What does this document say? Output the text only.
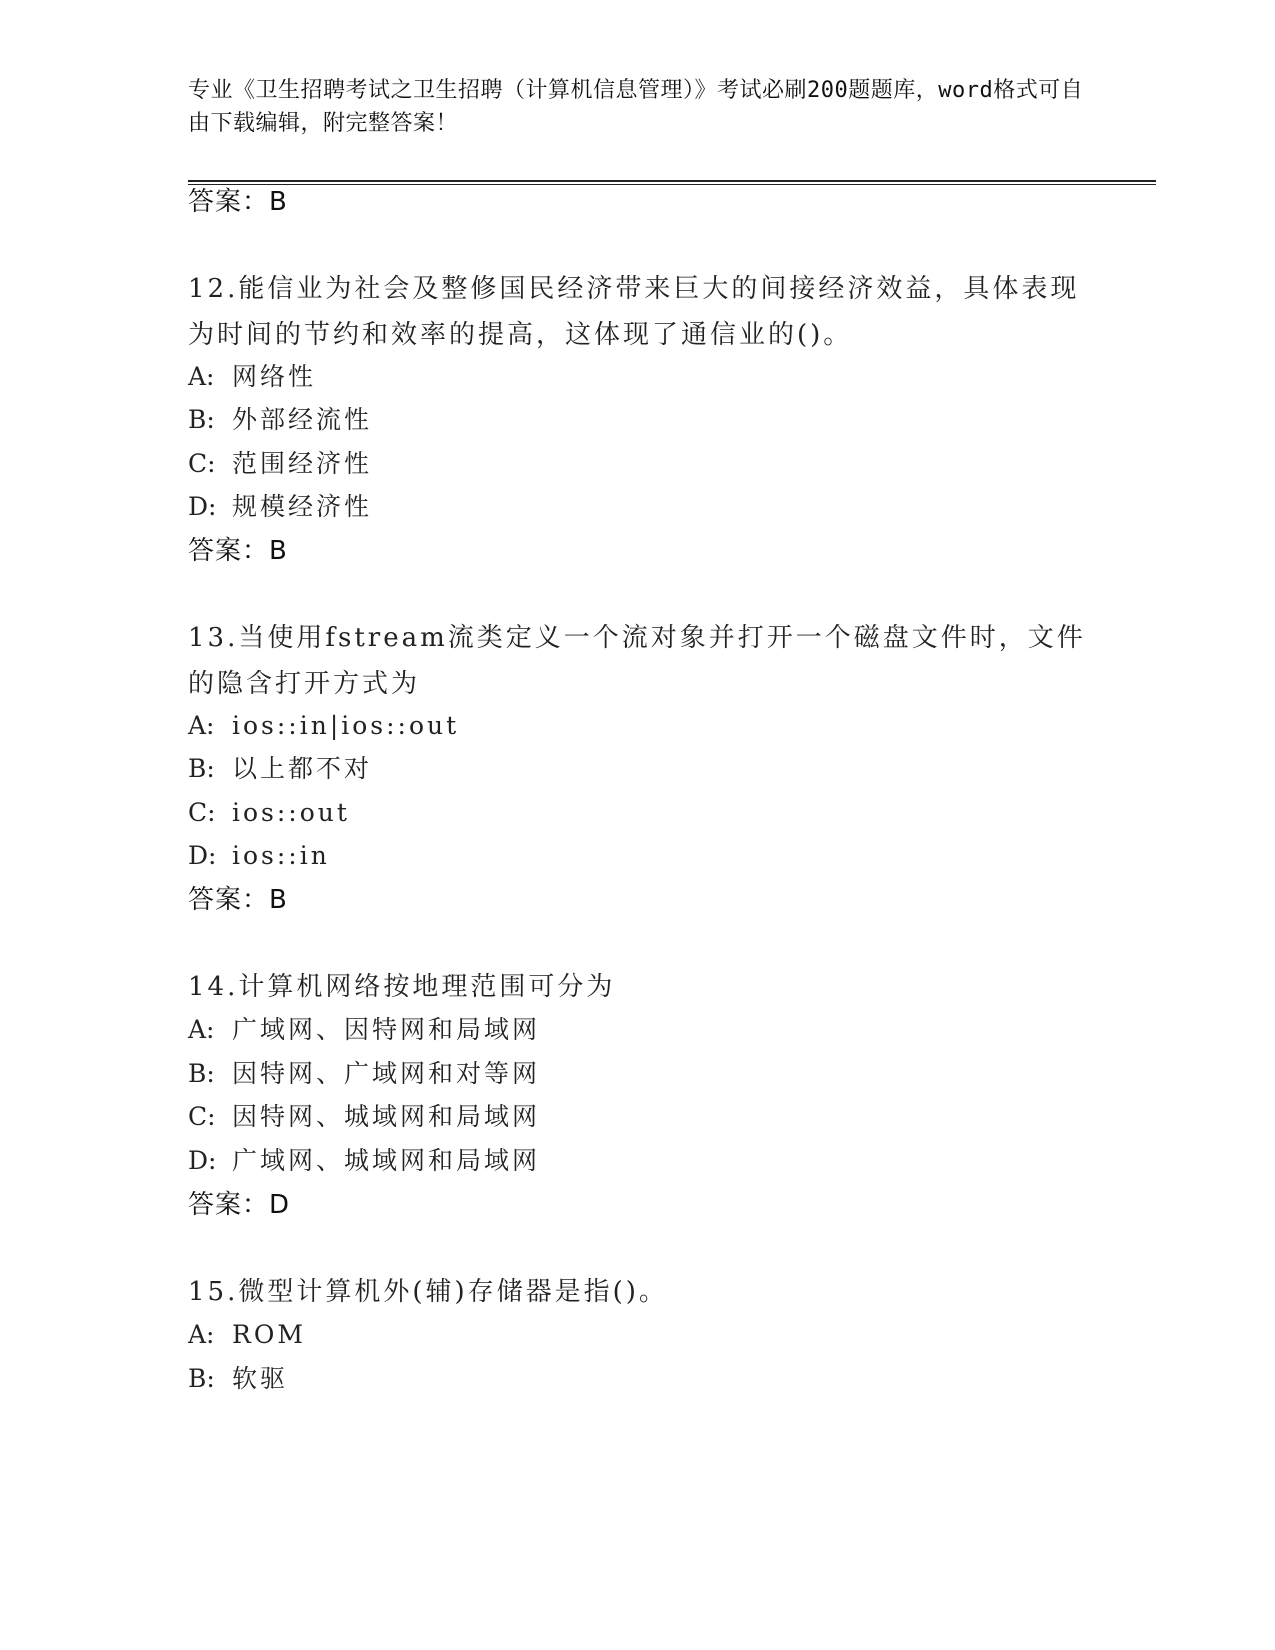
专业《卫生招聘考试之卫生招聘（计算机信息管理）》考试必刷200题题库，word格式可自由下载编辑，附完整答案！
答案：B
12.能信业为社会及整修国民经济带来巨大的间接经济效益，具体表现为时间的节约和效率的提高，这体现了通信业的()。
A: 网络性
B: 外部经流性
C: 范围经济性
D: 规模经济性
答案：B
13.当使用fstream流类定义一个流对象并打开一个磁盘文件时，文件的隐含打开方式为
A: ios::in|ios::out
B: 以上都不对
C: ios::out
D: ios::in
答案：B
14.计算机网络按地理范围可分为
A: 广域网、因特网和局域网
B: 因特网、广域网和对等网
C: 因特网、城域网和局域网
D: 广域网、城域网和局域网
答案：D
15.微型计算机外(辅)存储器是指()。
A: ROM
B: 软驱
